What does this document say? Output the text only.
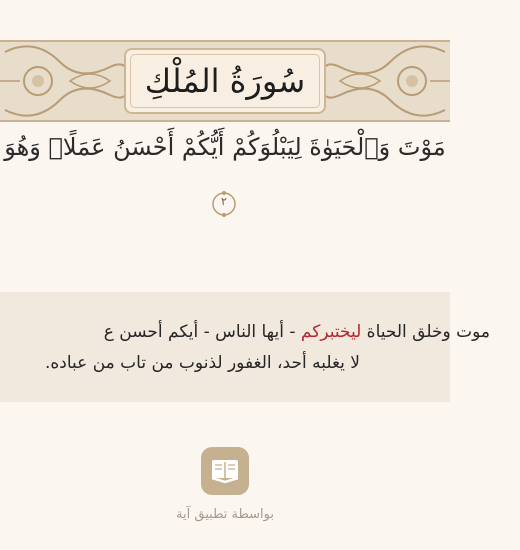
سُورَةُ المُلْكِ
مَوْتَ وَٱلْحَيَوٰةَ لِيَبْلُوَكُمْ أَيُّكُمْ أَحْسَنُ عَمَلًاۚ وَهُوَ
٢
موت وخلق الحياة ليختبركم - أيها الناس - أيكم أحسن ع
لا يغلبه أحد، الغفور لذنوب من تاب من عباده.
بواسطة تطبيق آية
